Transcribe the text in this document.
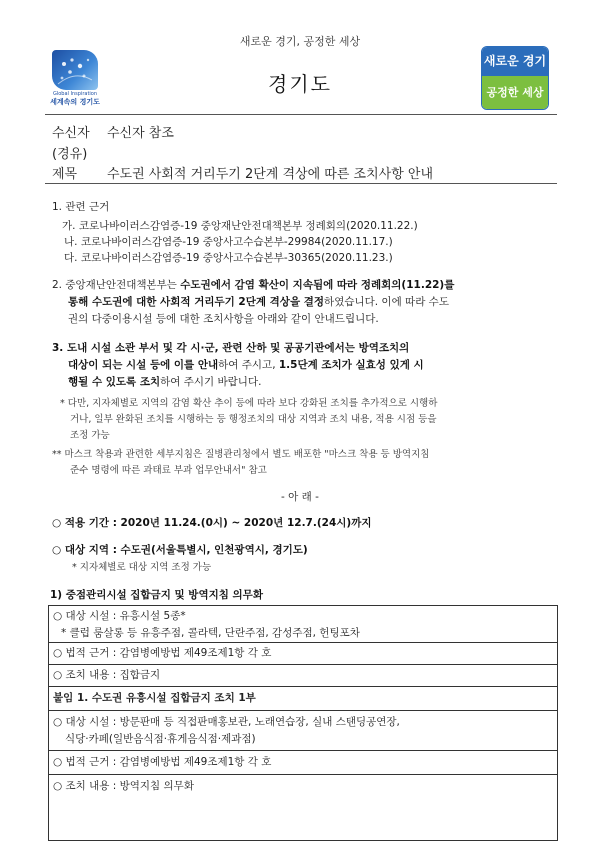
새로운 경기, 공정한 세상
경기도
Global Inspiration
세계속의 경기도
새로운 경기
공정한 세상
수신자 수신자 참조
(경유)
제목 수도권 사회적 거리두기 2단계 격상에 따른 조치사항 안내
1. 관련 근거
가. 코로나바이러스감염증-19 중앙재난안전대책본부 정례회의(2020.11.22.)
나. 코로나바이러스감염증-19 중앙사고수습본부-29984(2020.11.17.)
다. 코로나바이러스감염증-19 중앙사고수습본부-30365(2020.11.23.)
2. 중앙재난안전대책본부는 수도권에서 감염 확산이 지속됨에 따라 정례회의(11.22)를
통해 수도권에 대한 사회적 거리두기 2단계 격상을 결정하였습니다. 이에 따라 수도
권의 다중이용시설 등에 대한 조치사항을 아래와 같이 안내드립니다.
3. 도내 시설 소관 부서 및 각 시·군, 관련 산하 및 공공기관에서는 방역조치의
대상이 되는 시설 등에 이를 안내하여 주시고, 1.5단계 조치가 실효성 있게 시
행될 수 있도록 조치하여 주시기 바랍니다.
* 다만, 지자체별로 지역의 감염 확산 추이 등에 따라 보다 강화된 조치를 추가적으로 시행하
거나, 일부 완화된 조치를 시행하는 등 행정조치의 대상 지역과 조치 내용, 적용 시점 등을
조정 가능
** 마스크 착용과 관련한 세부지침은 질병관리청에서 별도 배포한 "마스크 착용 등 방역지침
준수 명령에 따른 과태료 부과 업무안내서" 참고
- 아 래 -
○ 적용 기간 : 2020년 11.24.(0시) ~ 2020년 12.7.(24시)까지
○ 대상 지역 : 수도권(서울특별시, 인천광역시, 경기도)
* 지자체별로 대상 지역 조정 가능
1) 중점관리시설 집합금지 및 방역지침 의무화
○ 대상 시설 : 유흥시설 5종*
* 클럽 룸살롱 등 유흥주점, 콜라텍, 단란주점, 감성주점, 헌팅포차
○ 법적 근거 : 감염병예방법 제49조제1항 각 호
○ 조치 내용 : 집합금지
붙임 1. 수도권 유흥시설 집합금지 조치 1부
○ 대상 시설 : 방문판매 등 직접판매홍보관, 노래연습장, 실내 스탠딩공연장,
식당·카페(일반음식점·휴게음식점·제과점)
○ 법적 근거 : 감염병예방법 제49조제1항 각 호
○ 조치 내용 : 방역지침 의무화
